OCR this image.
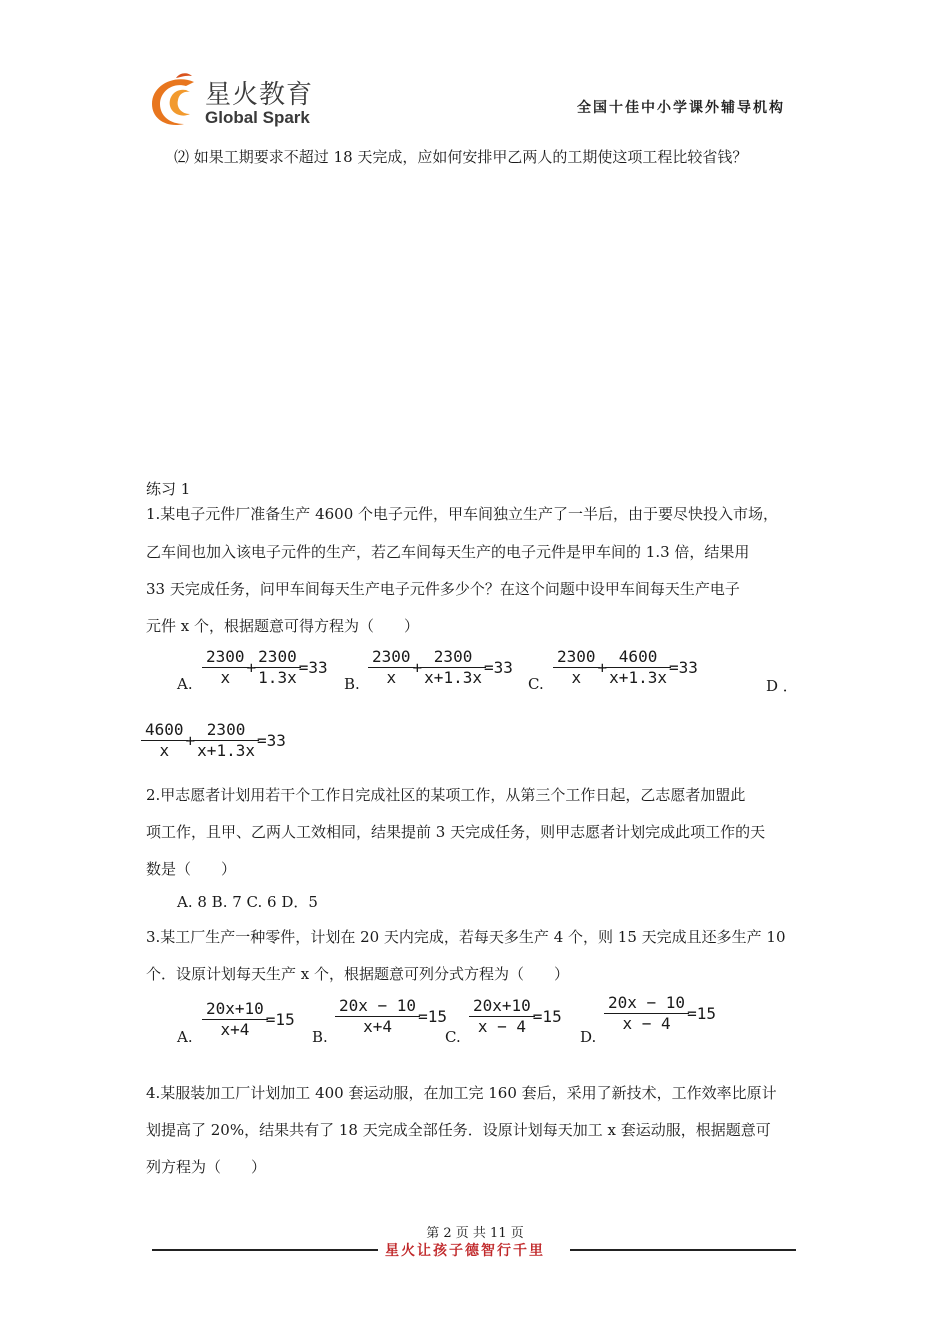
星火教育
Global Spark	全国十佳中小学课外辅导机构
⑵ 如果工期要求不超过 18 天完成，应如何安排甲乙两人的工期使这项工程比较省钱？
练习 1
1.某电子元件厂准备生产 4600 个电子元件，甲车间独立生产了一半后，由于要尽快投入市场，
乙车间也加入该电子元件的生产，若乙车间每天生产的电子元件是甲车间的 1.3 倍，结果用
33 天完成任务，问甲车间每天生产电子元件多少个？在这个问题中设甲车间每天生产电子
元件 x 个，根据题意可得方程为（　　）
A. $\frac{2300}{x} + \frac{2300}{1.3x} =33$
B. $\frac{2300}{x} + \frac{2300}{x+1.3x} =33$
C. $\frac{2300}{x} + \frac{4600}{x+1.3x} =33$
D ．
$\frac{4600}{x} + \frac{2300}{x+1.3x} =33$
2.甲志愿者计划用若干个工作日完成社区的某项工作，从第三个工作日起，乙志愿者加盟此
项工作，且甲、乙两人工效相同，结果提前 3 天完成任务，则甲志愿者计划完成此项工作的天
数是（　　）
A. 8 B. 7 C. 6 D．5
3.某工厂生产一种零件，计划在 20 天内完成，若每天多生产 4 个，则 15 天完成且还多生产 10
个．设原计划每天生产 x 个，根据题意可列分式方程为（　　）
A. $\frac{20x+10}{x+4} =15$
B.
$\frac{20x - 10}{x+4} =15$
C.
$\frac{20x+10}{x - 4} =15$
D.
$\frac{20x - 10}{x - 4} =15$
4.某服装加工厂计划加工 400 套运动服，在加工完 160 套后，采用了新技术，工作效率比原计
划提高了 20%，结果共有了 18 天完成全部任务．设原计划每天加工 x 套运动服，根据题意可
列方程为（　　）
第 2 页 共 11 页
星火让孩子德智行千里
